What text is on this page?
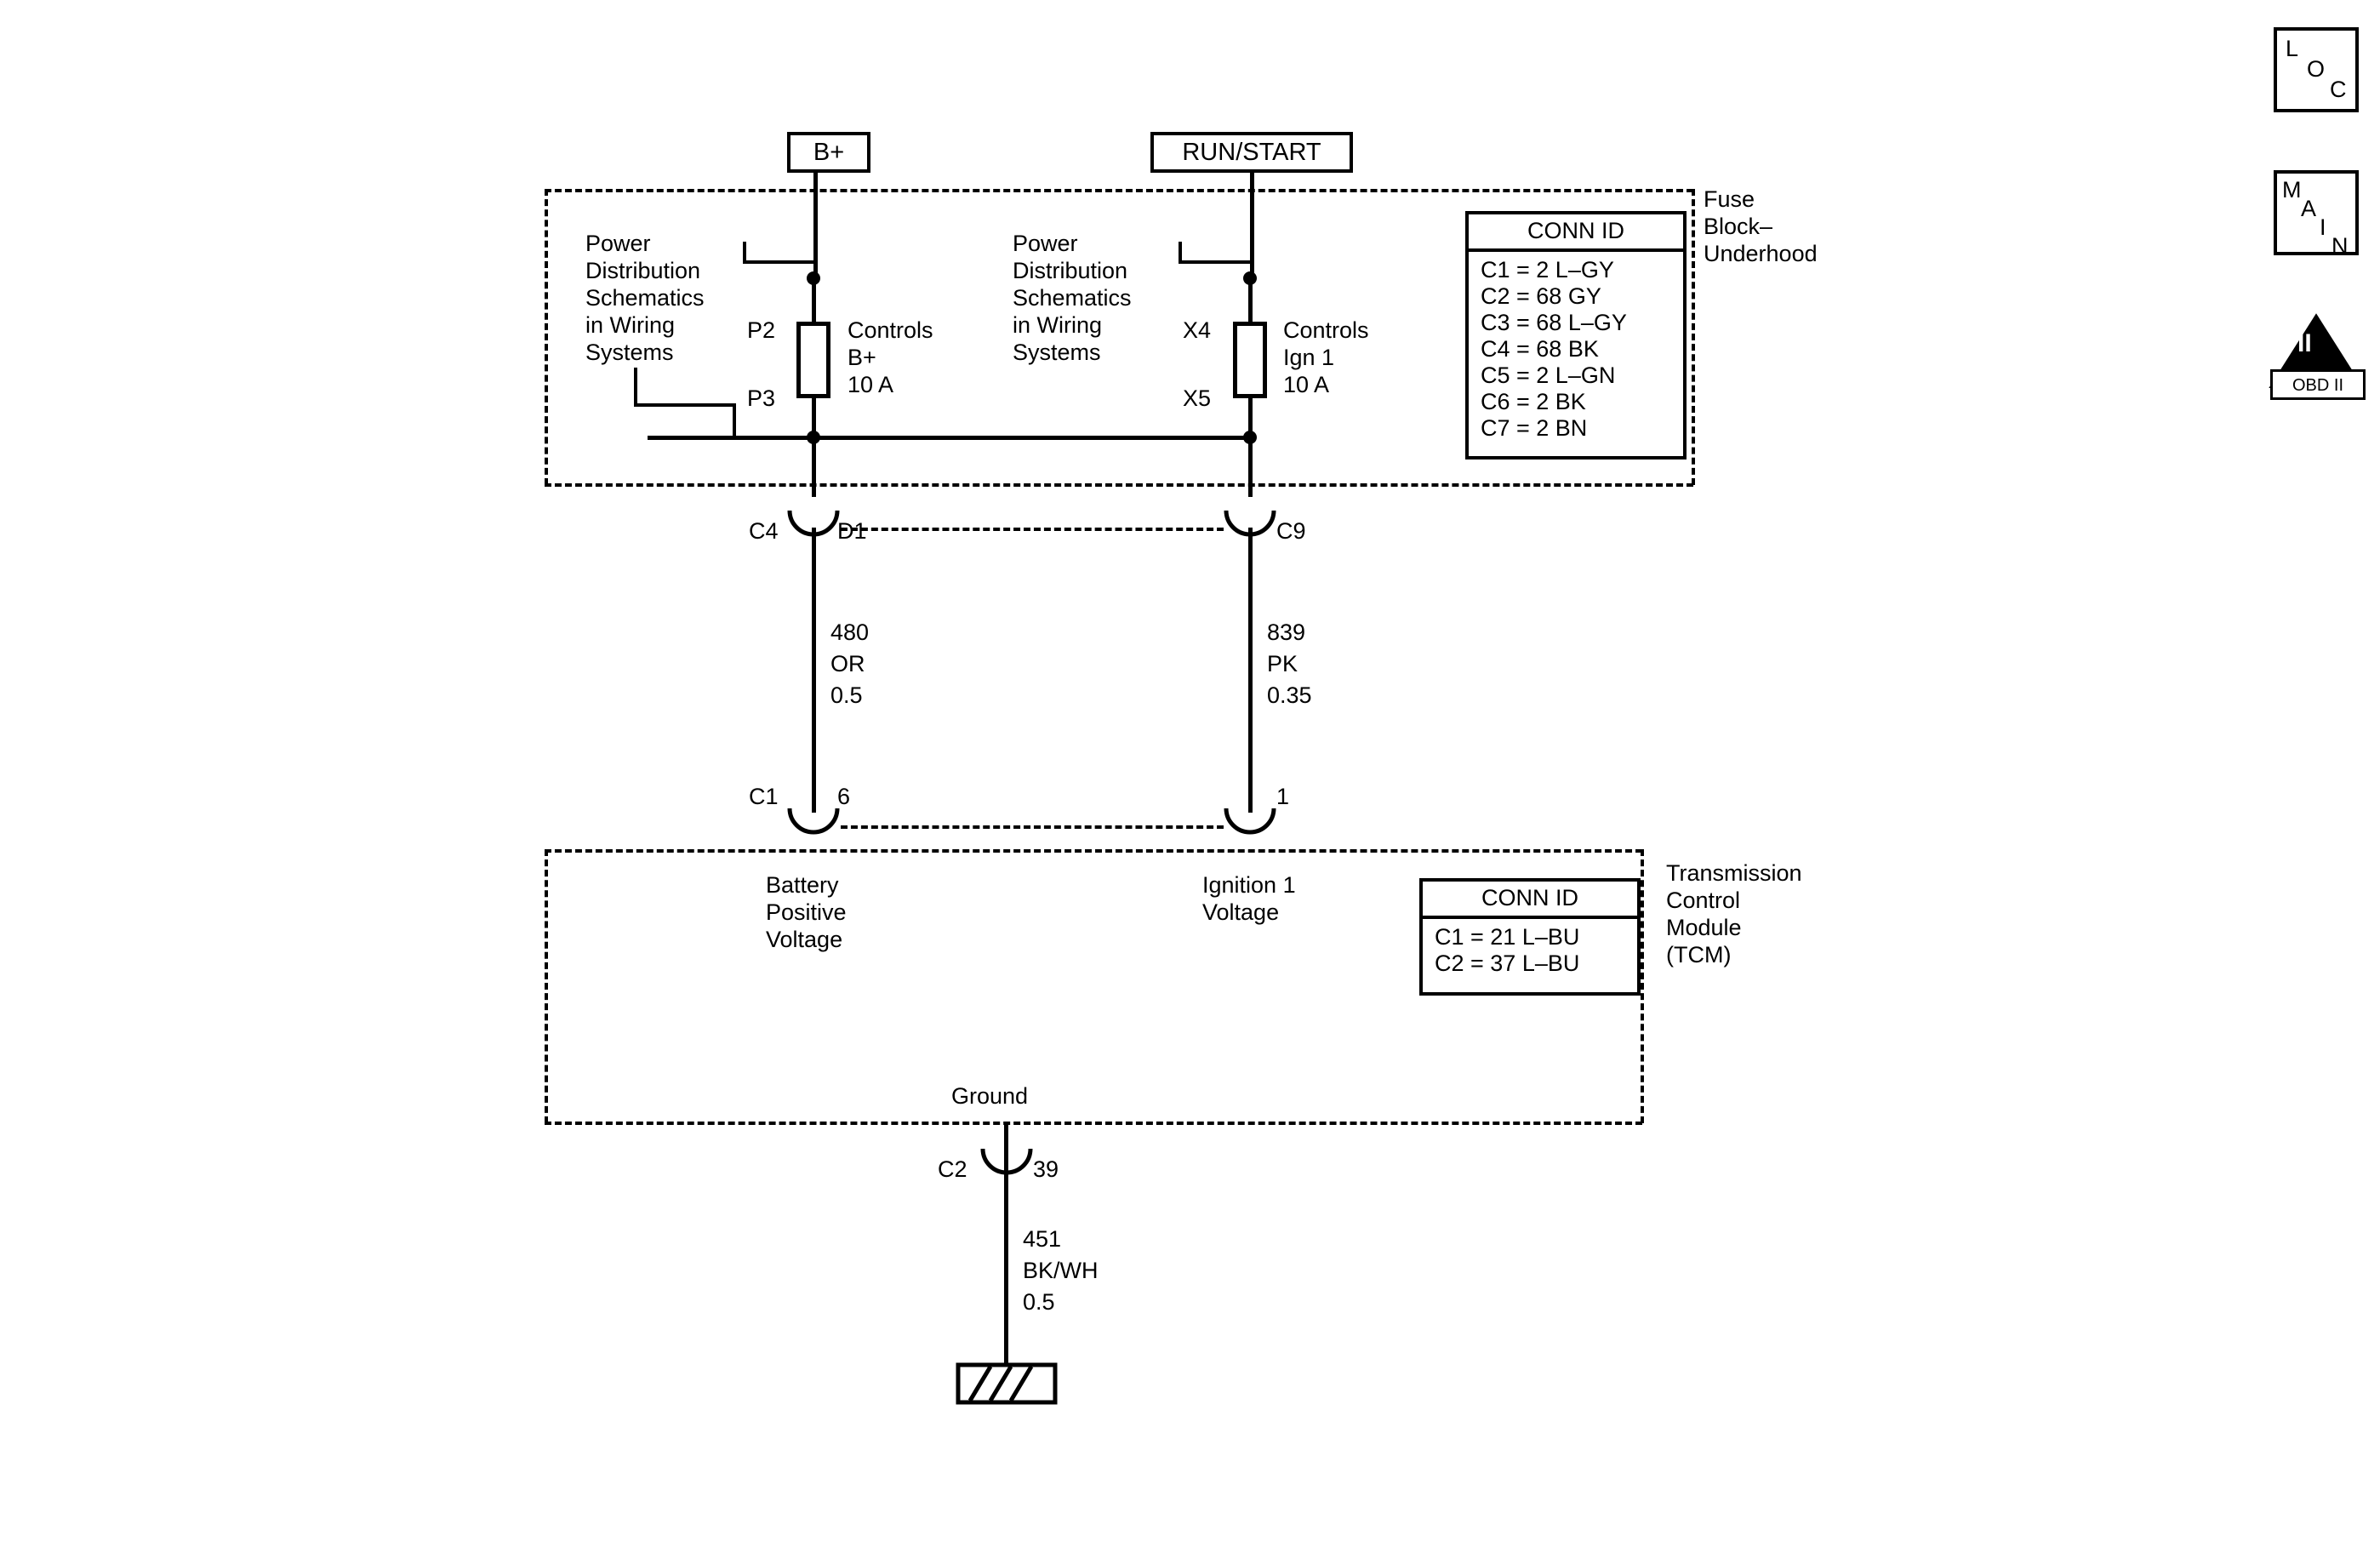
B+	RUN/START
Fuse
Block–
Underhood
CONN ID
C1 = 2 L–GY
C2 = 68 GY
C3 = 68 L–GY
C4 = 68 BK
C5 = 2 L–GN
C6 = 2 BK
C7 = 2 BN
Power
Distribution
Schematics
in Wiring
Systems
P2
P3
Controls
B+
10 A
Power
Distribution
Schematics
in Wiring
Systems
X4
X5
Controls
Ign 1
10 A
C4	D1	C9
480
OR
0.5
839
PK
0.35
C1	6	1
Transmission
Control
Module
(TCM)
Battery
Positive
Voltage
Ignition 1
Voltage
Ground
CONN ID
C1 = 21 L–BU
C2 = 37 L–BU
C2	39
451
BK/WH
0.5
L
O
C
M
A
I
N
II
OBD II
